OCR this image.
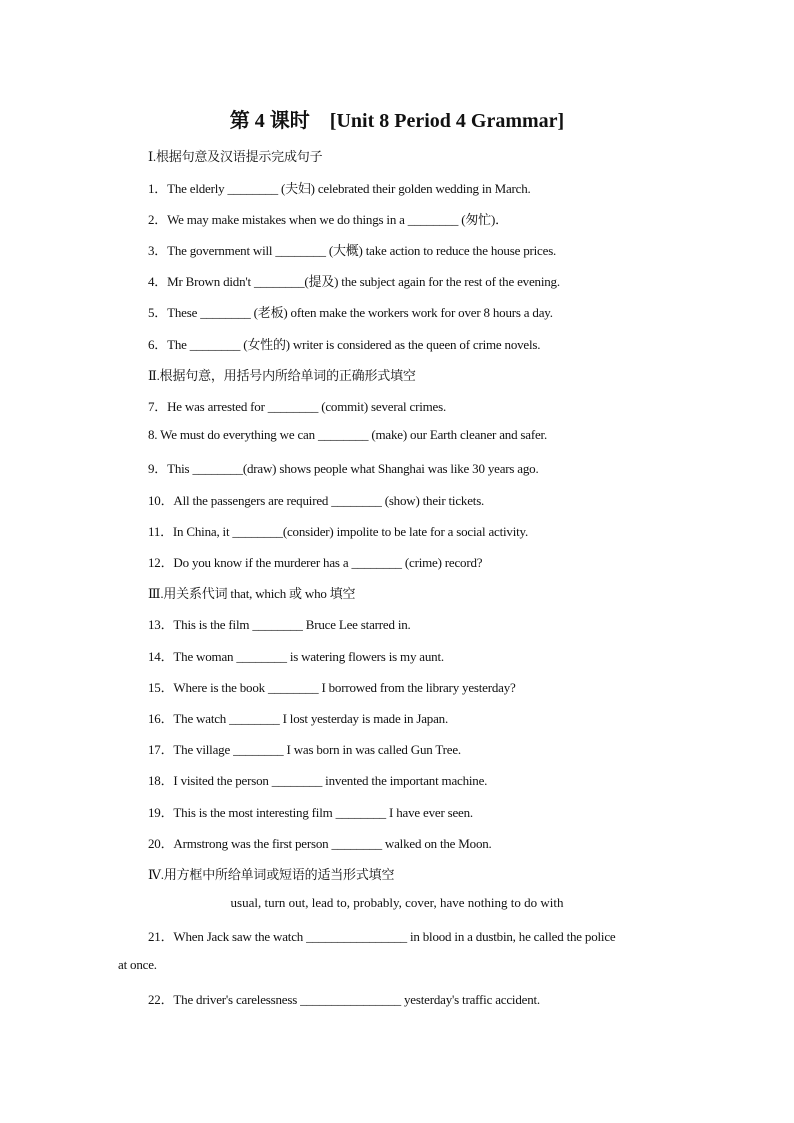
第 4 课时　[Unit 8 Period 4 Grammar]
Ⅰ.根据句意及汉语提示完成句子
1．The elderly ________ (夫妇) celebrated their golden wedding in March.
2．We may make mistakes when we do things in a ________ (匆忙)．
3．The government will ________ (大概) take action to reduce the house prices.
4．Mr Brown didn't ________(提及) the subject again for the rest of the evening.
5．These ________ (老板) often make the workers work for over 8 hours a day.
6．The ________ (女性的) writer is considered as the queen of crime novels.
Ⅱ.根据句意，用括号内所给单词的正确形式填空
7．He was arrested for ________ (commit) several crimes.
8. We must do everything we can ________ (make) our Earth cleaner and safer.
9．This ________(draw) shows people what Shanghai was like 30 years ago.
10．All the passengers are required ________ (show) their tickets.
11．In China, it ________(consider) impolite to be late for a social activity.
12．Do you know if the murderer has a ________ (crime) record?
Ⅲ.用关系代词 that, which 或 who 填空
13．This is the film ________ Bruce Lee starred in.
14．The woman ________ is watering flowers is my aunt.
15．Where is the book ________ I borrowed from the library yesterday?
16．The watch ________ I lost yesterday is made in Japan.
17．The village ________ I was born in was called Gun Tree.
18．I visited the person ________ invented the important machine.
19．This is the most interesting film ________ I have ever seen.
20．Armstrong was the first person ________ walked on the Moon.
Ⅳ.用方框中所给单词或短语的适当形式填空
usual, turn out, lead to, probably, cover, have nothing to do with
21．When Jack saw the watch ________________ in blood in a dustbin, he called the police
at once.
22．The driver's carelessness ________________ yesterday's traffic accident.
